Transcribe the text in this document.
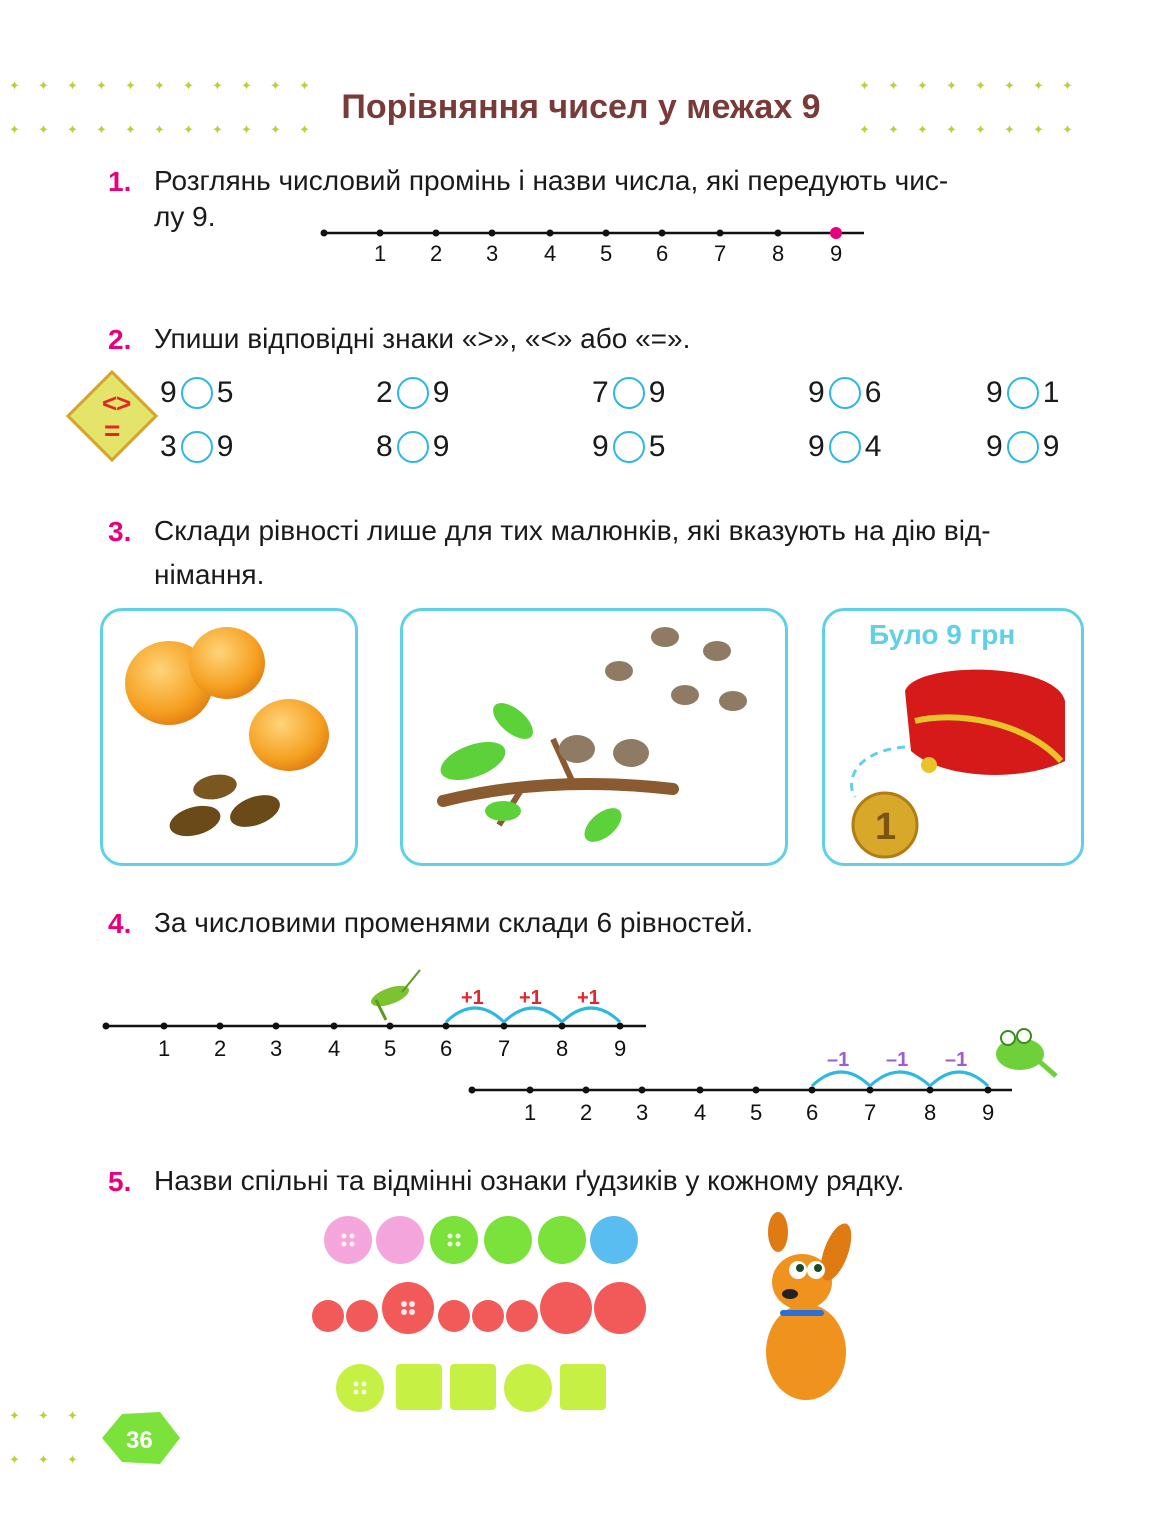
✦ ✦ ✦ ✦ ✦ ✦ ✦ ✦ ✦ ✦ ✦
✦ ✦ ✦ ✦ ✦ ✦ ✦ ✦ ✦ ✦ ✦
✦ ✦ ✦ ✦ ✦ ✦ ✦ ✦
✦ ✦ ✦ ✦ ✦ ✦ ✦ ✦
Порівняння чисел у межах 9
1. Розглянь числовий промінь і назви числа, які передують чис-
лу 9.
1 2 3 4 5 6 7 8 9
2. Упиши відповідні знаки «>», «<» або «=».
<
>
=
9 5	2 9	7 9	9 6	9 1
3 9	8 9	9 5	9 4	9 9
3. Склади рівності лише для тих малюнків, які вказують на дію від-
німання.
Було 9 грн
1
4. За числовими променями склади 6 рівностей.
1 2 3 4 5 6 7 8 9
+1 +1 +1
1 2 3 4 5 6 7 8 9
–1
–1
–1
5. Назви спільні та відмінні ознаки ґудзиків у кожному рядку.
✦ ✦ ✦
✦ ✦ ✦
36
